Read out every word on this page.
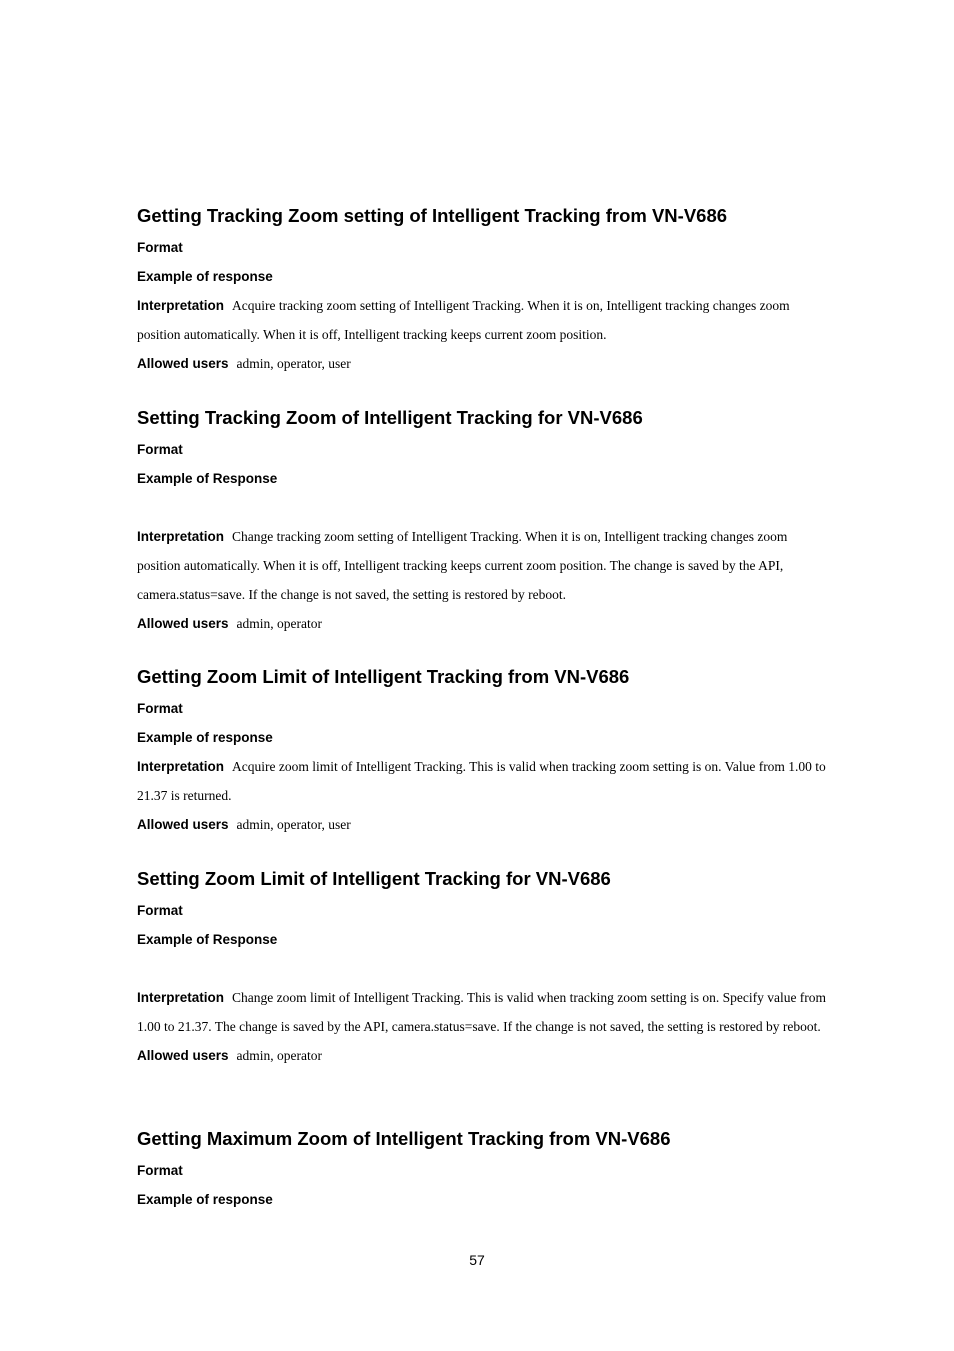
Getting Tracking Zoom setting of Intelligent Tracking from VN-V686

Format

Example of response

Interpretation Acquire tracking zoom setting of Intelligent Tracking. When it is on, Intelligent tracking changes zoom position automatically. When it is off, Intelligent tracking keeps current zoom position.

Allowed users admin, operator, user

Setting Tracking Zoom of Intelligent Tracking for VN-V686

Format

Example of Response

Interpretation Change tracking zoom setting of Intelligent Tracking. When it is on, Intelligent tracking changes zoom position automatically. When it is off, Intelligent tracking keeps current zoom position. The change is saved by the API, camera.status=save. If the change is not saved, the setting is restored by reboot.

Allowed users admin, operator

Getting Zoom Limit of Intelligent Tracking from VN-V686

Format

Example of response

Interpretation Acquire zoom limit of Intelligent Tracking. This is valid when tracking zoom setting is on. Value from 1.00 to 21.37 is returned.

Allowed users admin, operator, user

Setting Zoom Limit of Intelligent Tracking for VN-V686

Format

Example of Response

Interpretation Change zoom limit of Intelligent Tracking. This is valid when tracking zoom setting is on. Specify value from 1.00 to 21.37. The change is saved by the API, camera.status=save. If the change is not saved, the setting is restored by reboot.

Allowed users admin, operator

Getting Maximum Zoom of Intelligent Tracking from VN-V686

Format

Example of response

57
